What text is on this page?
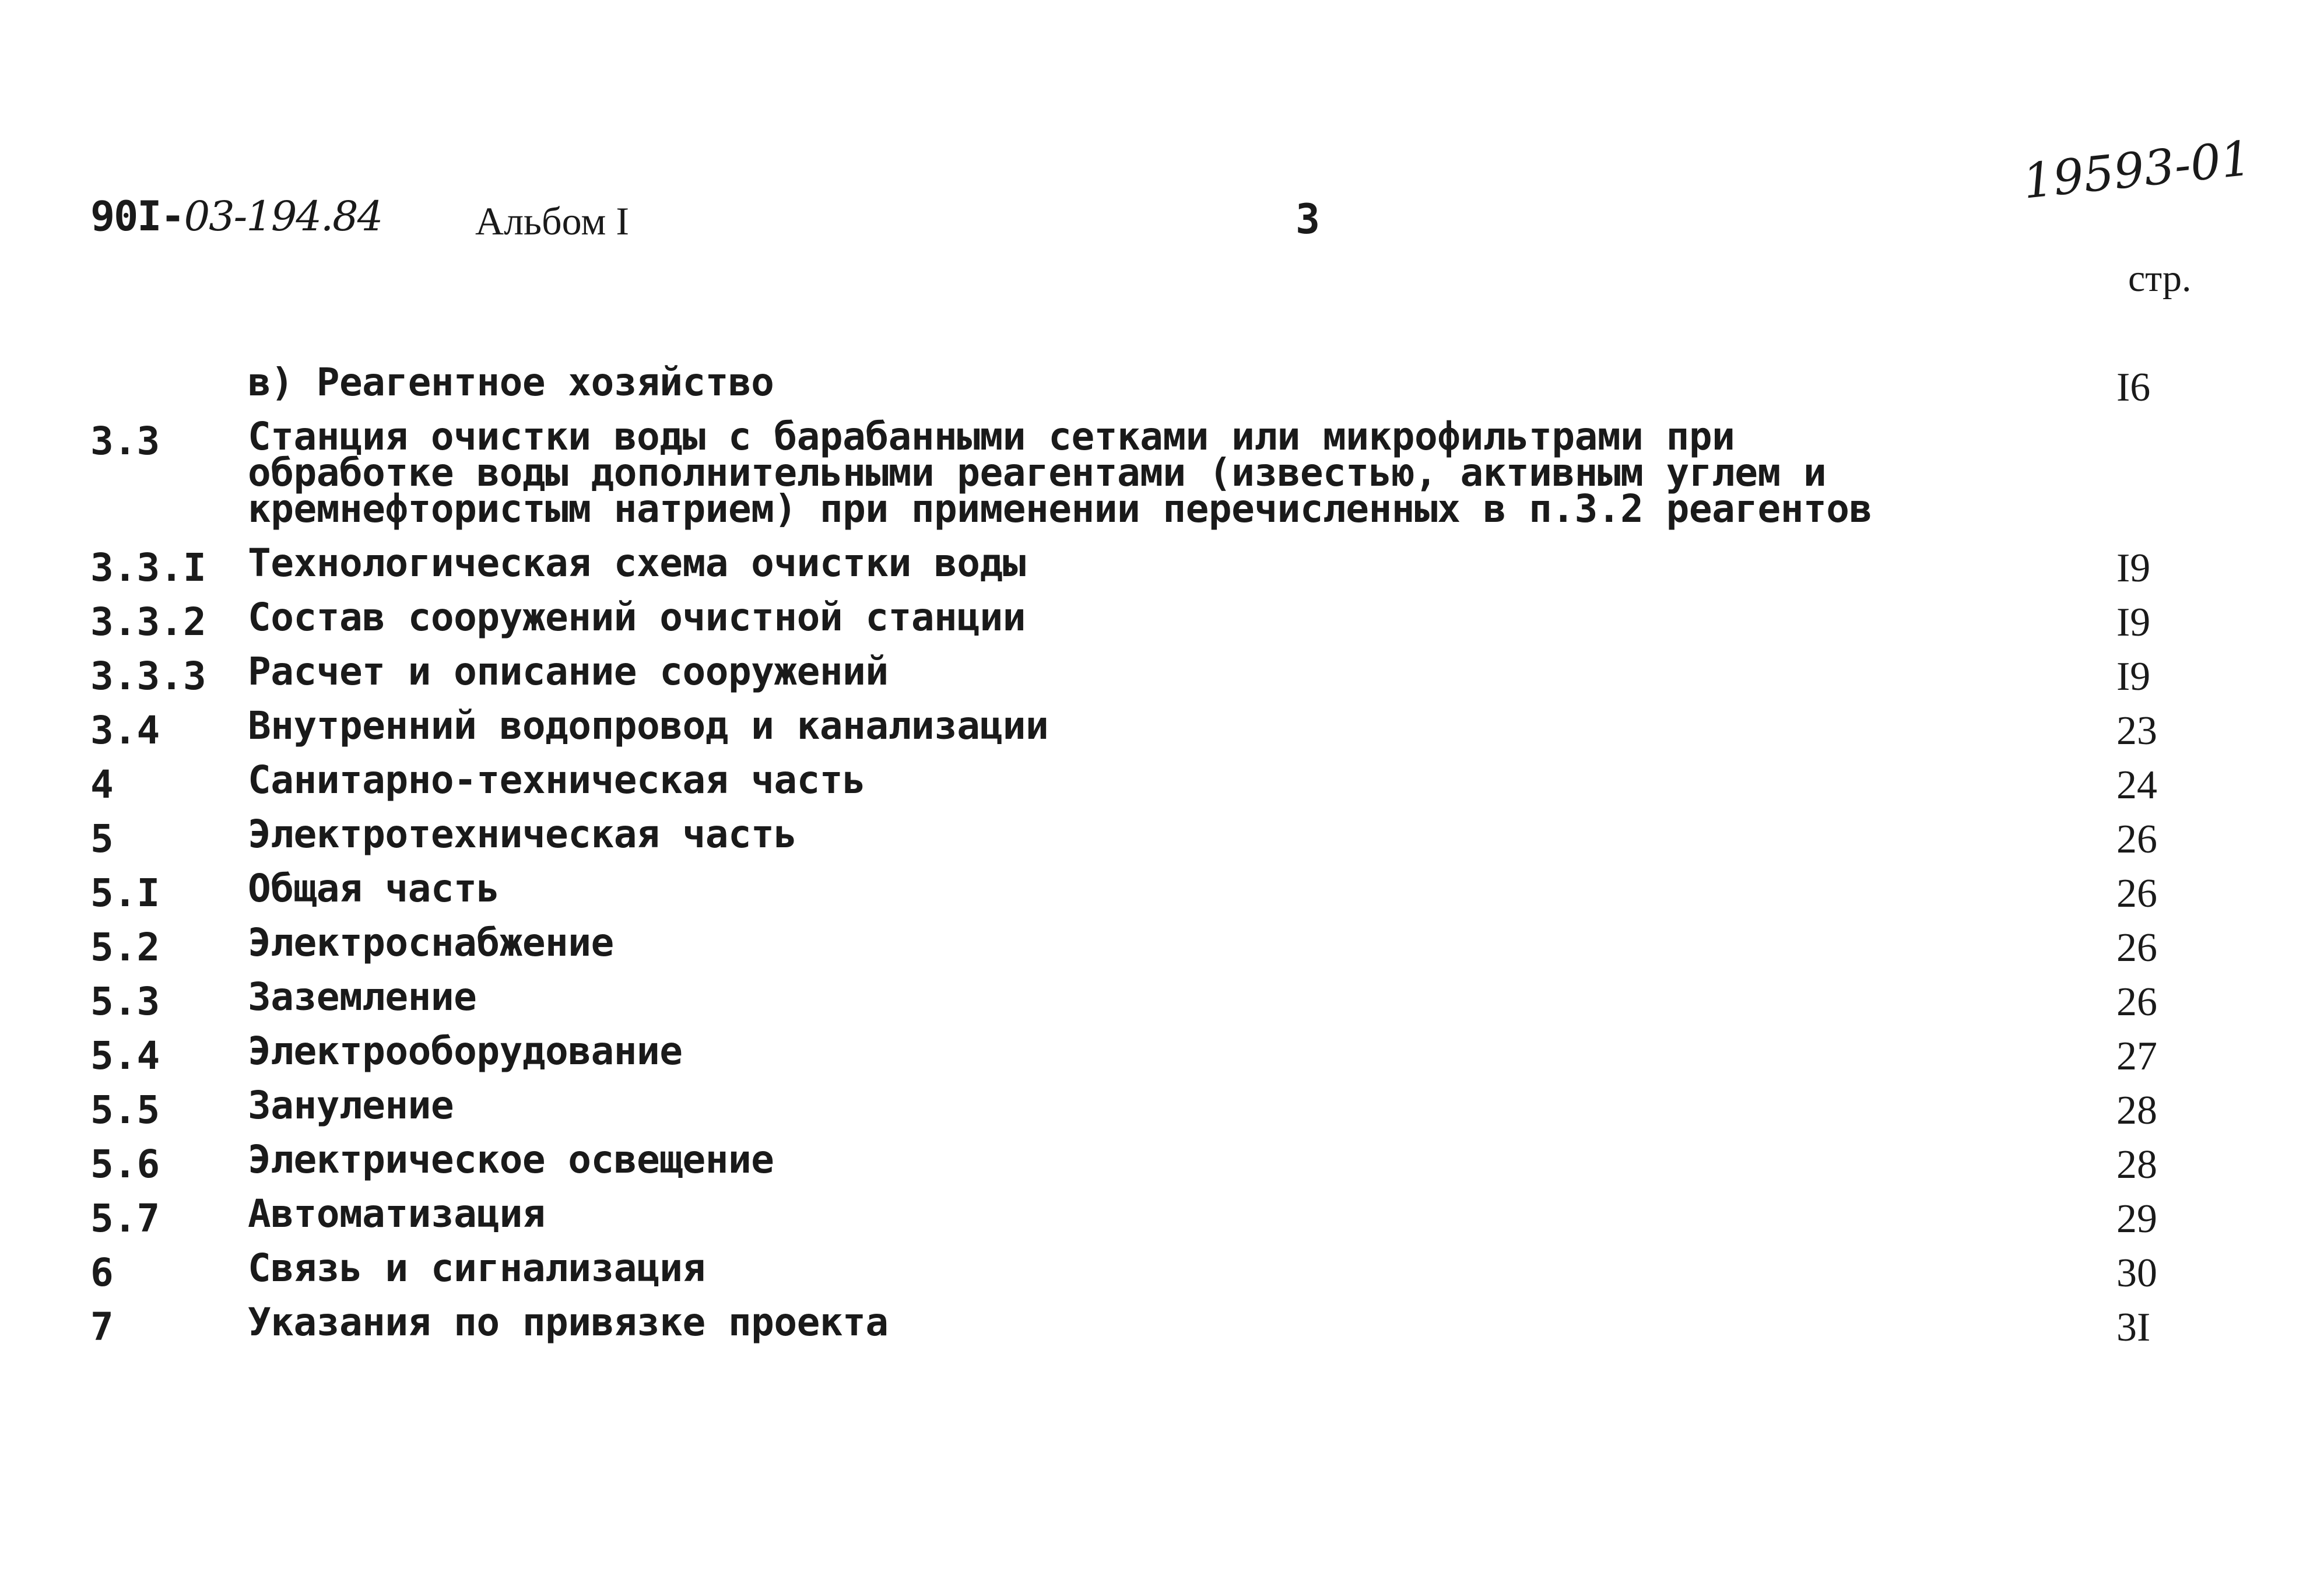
90I-03-194.84 Альбом I	3
19593-01
стр.
в) Реагентное хозяйство	I6
3.3 Станция очистки воды с барабанными сетками или микрофильтрами при обработке воды дополнительными реагентами (известью, активным углем и кремнефтористым натрием) при применении перечисленных в п.3.2 реагентов
3.3.I Технологическая схема очистки воды	I9
3.3.2 Состав сооружений очистной станции	I9
3.3.3 Расчет и описание сооружений	I9
3.4 Внутренний водопровод и канализации	23
4	Санитарно-техническая часть	24
5	Электротехническая часть	26
5.I Общая часть	26
5.2 Электроснабжение	26
5.3 Заземление	26
5.4 Электрооборудование	27
5.5 Зануление	28
5.6 Электрическое освещение	28
5.7 Автоматизация	29
6	Связь и сигнализация	30
7	Указания по привязке проекта	3I
